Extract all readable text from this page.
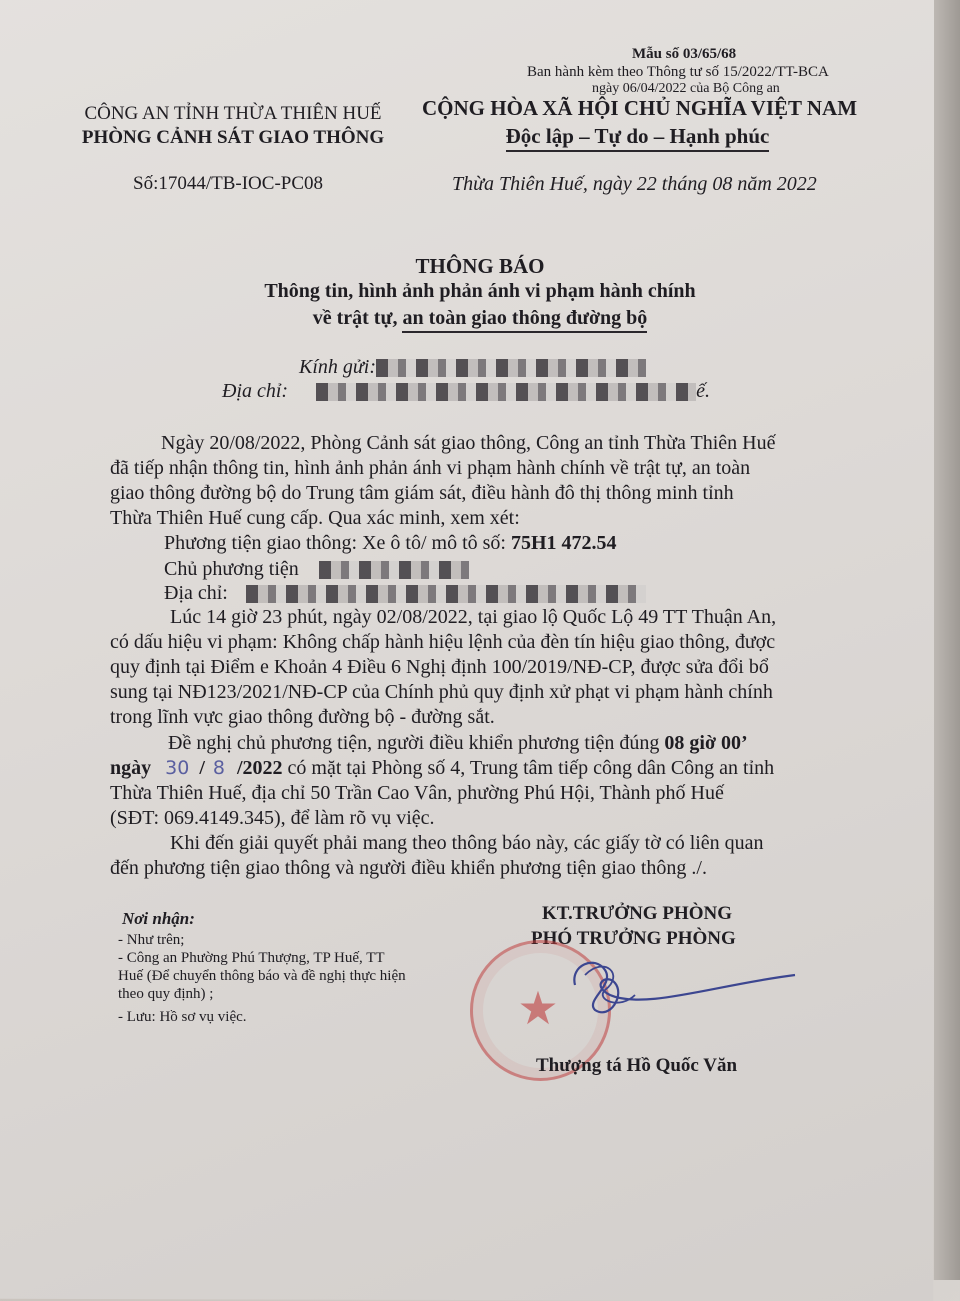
Mẫu số 03/65/68
Ban hành kèm theo Thông tư số 15/2022/TT-BCA
ngày 06/04/2022 của Bộ Công an
CÔNG AN TỈNH THỪA THIÊN HUẾ
PHÒNG CẢNH SÁT GIAO THÔNG
Số:17044/TB-IOC-PC08
CỘNG HÒA XÃ HỘI CHỦ NGHĨA VIỆT NAM
Độc lập – Tự do – Hạnh phúc
Thừa Thiên Huế, ngày 22 tháng 08 năm 2022
THÔNG BÁO
Thông tin, hình ảnh phản ánh vi phạm hành chính
về trật tự, an toàn giao thông đường bộ
Kính gửi:
Địa chỉ:	ế.
Ngày 20/08/2022, Phòng Cảnh sát giao thông, Công an tỉnh Thừa Thiên Huế
đã tiếp nhận thông tin, hình ảnh phản ánh vi phạm hành chính về trật tự, an toàn
giao thông đường bộ do Trung tâm giám sát, điều hành đô thị thông minh tỉnh
Thừa Thiên Huế cung cấp. Qua xác minh, xem xét:
Phương tiện giao thông: Xe ô tô/ mô tô số: 75H1 472.54
Chủ phương tiện
Địa chỉ:
Lúc 14 giờ 23 phút, ngày 02/08/2022, tại giao lộ Quốc Lộ 49 TT Thuận An,
có dấu hiệu vi phạm: Không chấp hành hiệu lệnh của đèn tín hiệu giao thông, được
quy định tại Điểm e Khoản 4 Điều 6 Nghị định 100/2019/NĐ-CP, được sửa đổi bổ
sung tại NĐ123/2021/NĐ-CP của Chính phủ quy định xử phạt vi phạm hành chính
trong lĩnh vực giao thông đường bộ - đường sắt.
Đề nghị chủ phương tiện, người điều khiển phương tiện đúng 08 giờ 00’
ngày 30 / 8 /2022 có mặt tại Phòng số 4, Trung tâm tiếp công dân Công an tỉnh
Thừa Thiên Huế, địa chỉ 50 Trần Cao Vân, phường Phú Hội, Thành phố Huế
(SĐT: 069.4149.345), để làm rõ vụ việc.
Khi đến giải quyết phải mang theo thông báo này, các giấy tờ có liên quan
đến phương tiện giao thông và người điều khiển phương tiện giao thông ./.
Nơi nhận:
- Như trên;
- Công an Phường Phú Thượng, TP Huế, TT
Huế (Để chuyển thông báo và đề nghị thực hiện
theo quy định) ;
- Lưu: Hồ sơ vụ việc.
KT.TRƯỞNG PHÒNG
PHÓ TRƯỞNG PHÒNG
★
Thượng tá Hồ Quốc Văn
